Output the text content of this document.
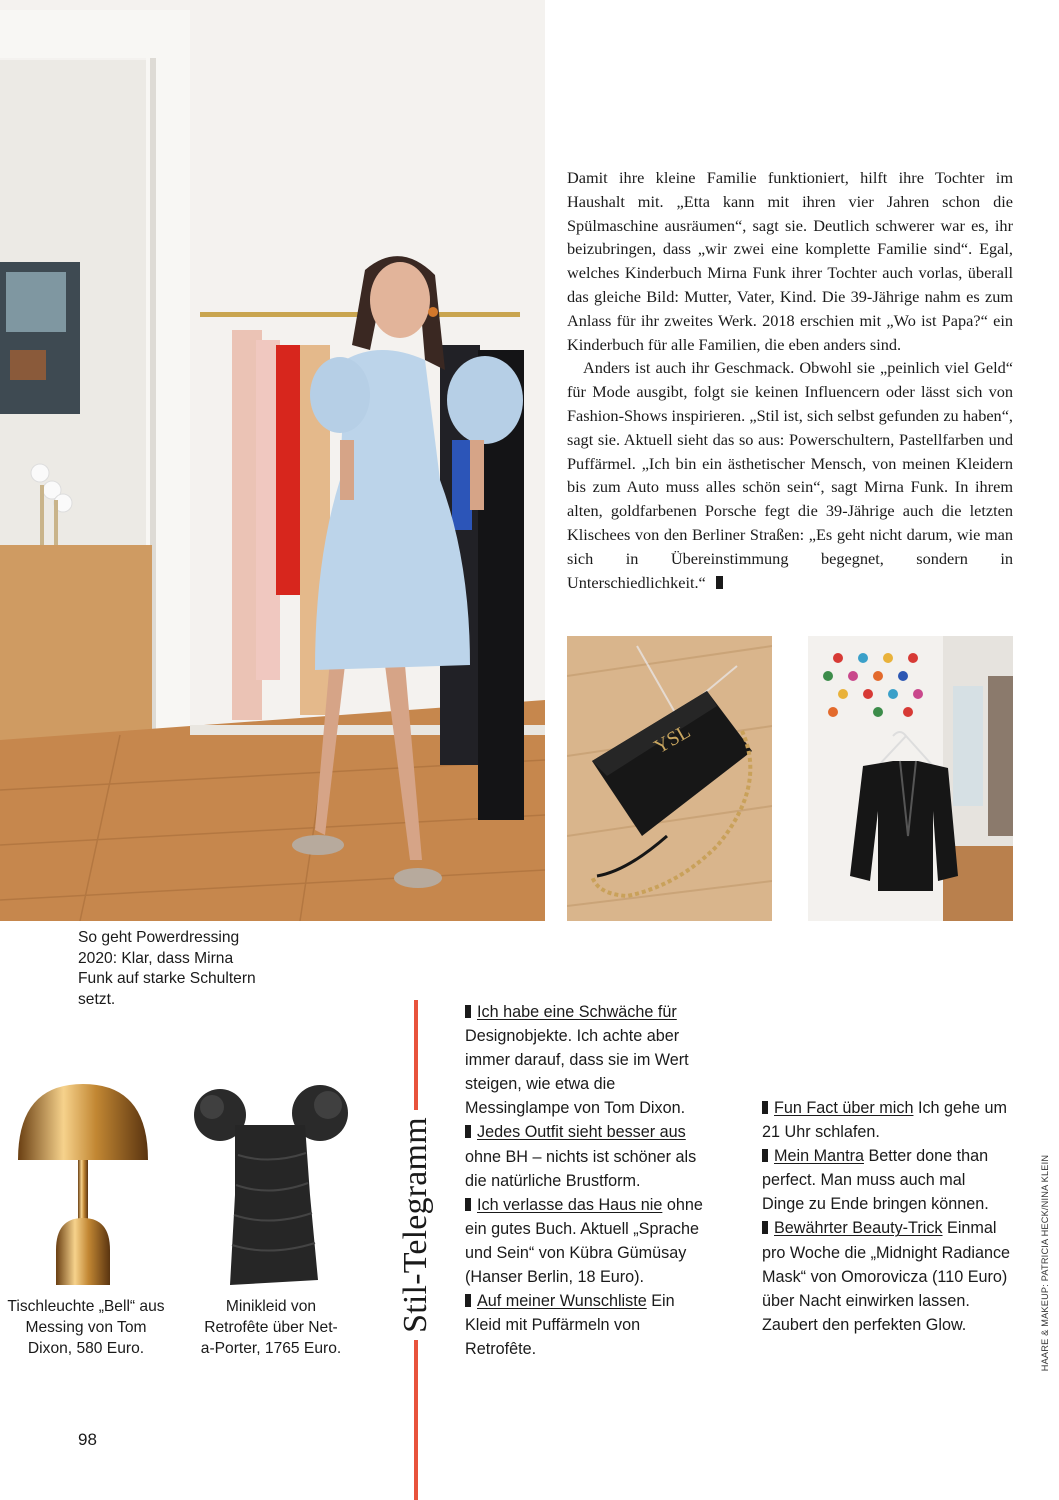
Damit ihre kleine Familie funktioniert, hilft ihre Tochter im Haushalt mit. „Etta kann mit ihren vier Jahren schon die Spülmaschine ausräumen“, sagt sie. Deutlich schwerer war es, ihr beizubringen, dass „wir zwei eine komplette Familie sind“. Egal, welches Kinderbuch Mirna Funk ihrer Tochter auch vorlas, überall das gleiche Bild: Mutter, Vater, Kind. Die 39-Jährige nahm es zum Anlass für ihr zweites Werk. 2018 erschien mit „Wo ist Papa?“ ein Kinderbuch für alle Familien, die eben anders sind.

Anders ist auch ihr Geschmack. Obwohl sie „peinlich viel Geld“ für Mode ausgibt, folgt sie keinen Influencern oder lässt sich von Fashion-Shows inspirieren. „Stil ist, sich selbst gefunden zu haben“, sagt sie. Aktuell sieht das so aus: Powerschultern, Pastellfarben und Puffärmel. „Ich bin ein ästhetischer Mensch, von meinen Kleidern bis zum Auto muss alles schön sein“, sagt Mirna Funk. In ihrem alten, goldfarbenen Porsche fegt die 39-Jährige auch die letzten Klischees von den Berliner Straßen: „Es geht nicht darum, wie man sich in Übereinstimmung begegnet, sondern in Unterschiedlichkeit.“

YSL
So geht Powerdressing 2020: Klar, dass Mirna Funk auf starke Schultern setzt.
Tischleuchte „Bell“ aus Messing von Tom Dixon, 580 Euro.
Minikleid von Retrofête über Net-a-Porter, 1765 Euro.
Stil-Telegramm

Ich habe eine Schwäche für Designobjekte. Ich achte aber immer darauf, dass sie im Wert steigen, wie etwa die Messinglampe von Tom Dixon.

Jedes Outfit sieht besser aus ohne BH – nichts ist schöner als die natürliche Brustform.

Ich verlasse das Haus nie ohne ein gutes Buch. Aktuell „Sprache und Sein“ von Kübra Gümüsay (Hanser Berlin, 18 Euro).

Auf meiner Wunschliste Ein Kleid mit Puffärmeln von Retrofête.

Fun Fact über mich Ich gehe um 21 Uhr schlafen.

Mein Mantra Better done than perfect. Man muss auch mal Dinge zu Ende bringen können.

Bewährter Beauty-Trick Einmal pro Woche die „Midnight Radiance Mask“ von Omorovicza (110 Euro) über Nacht einwirken lassen. Zaubert den perfekten Glow.

98
HAARE & MAKEUP: PATRICIA HECK/NINA KLEIN
